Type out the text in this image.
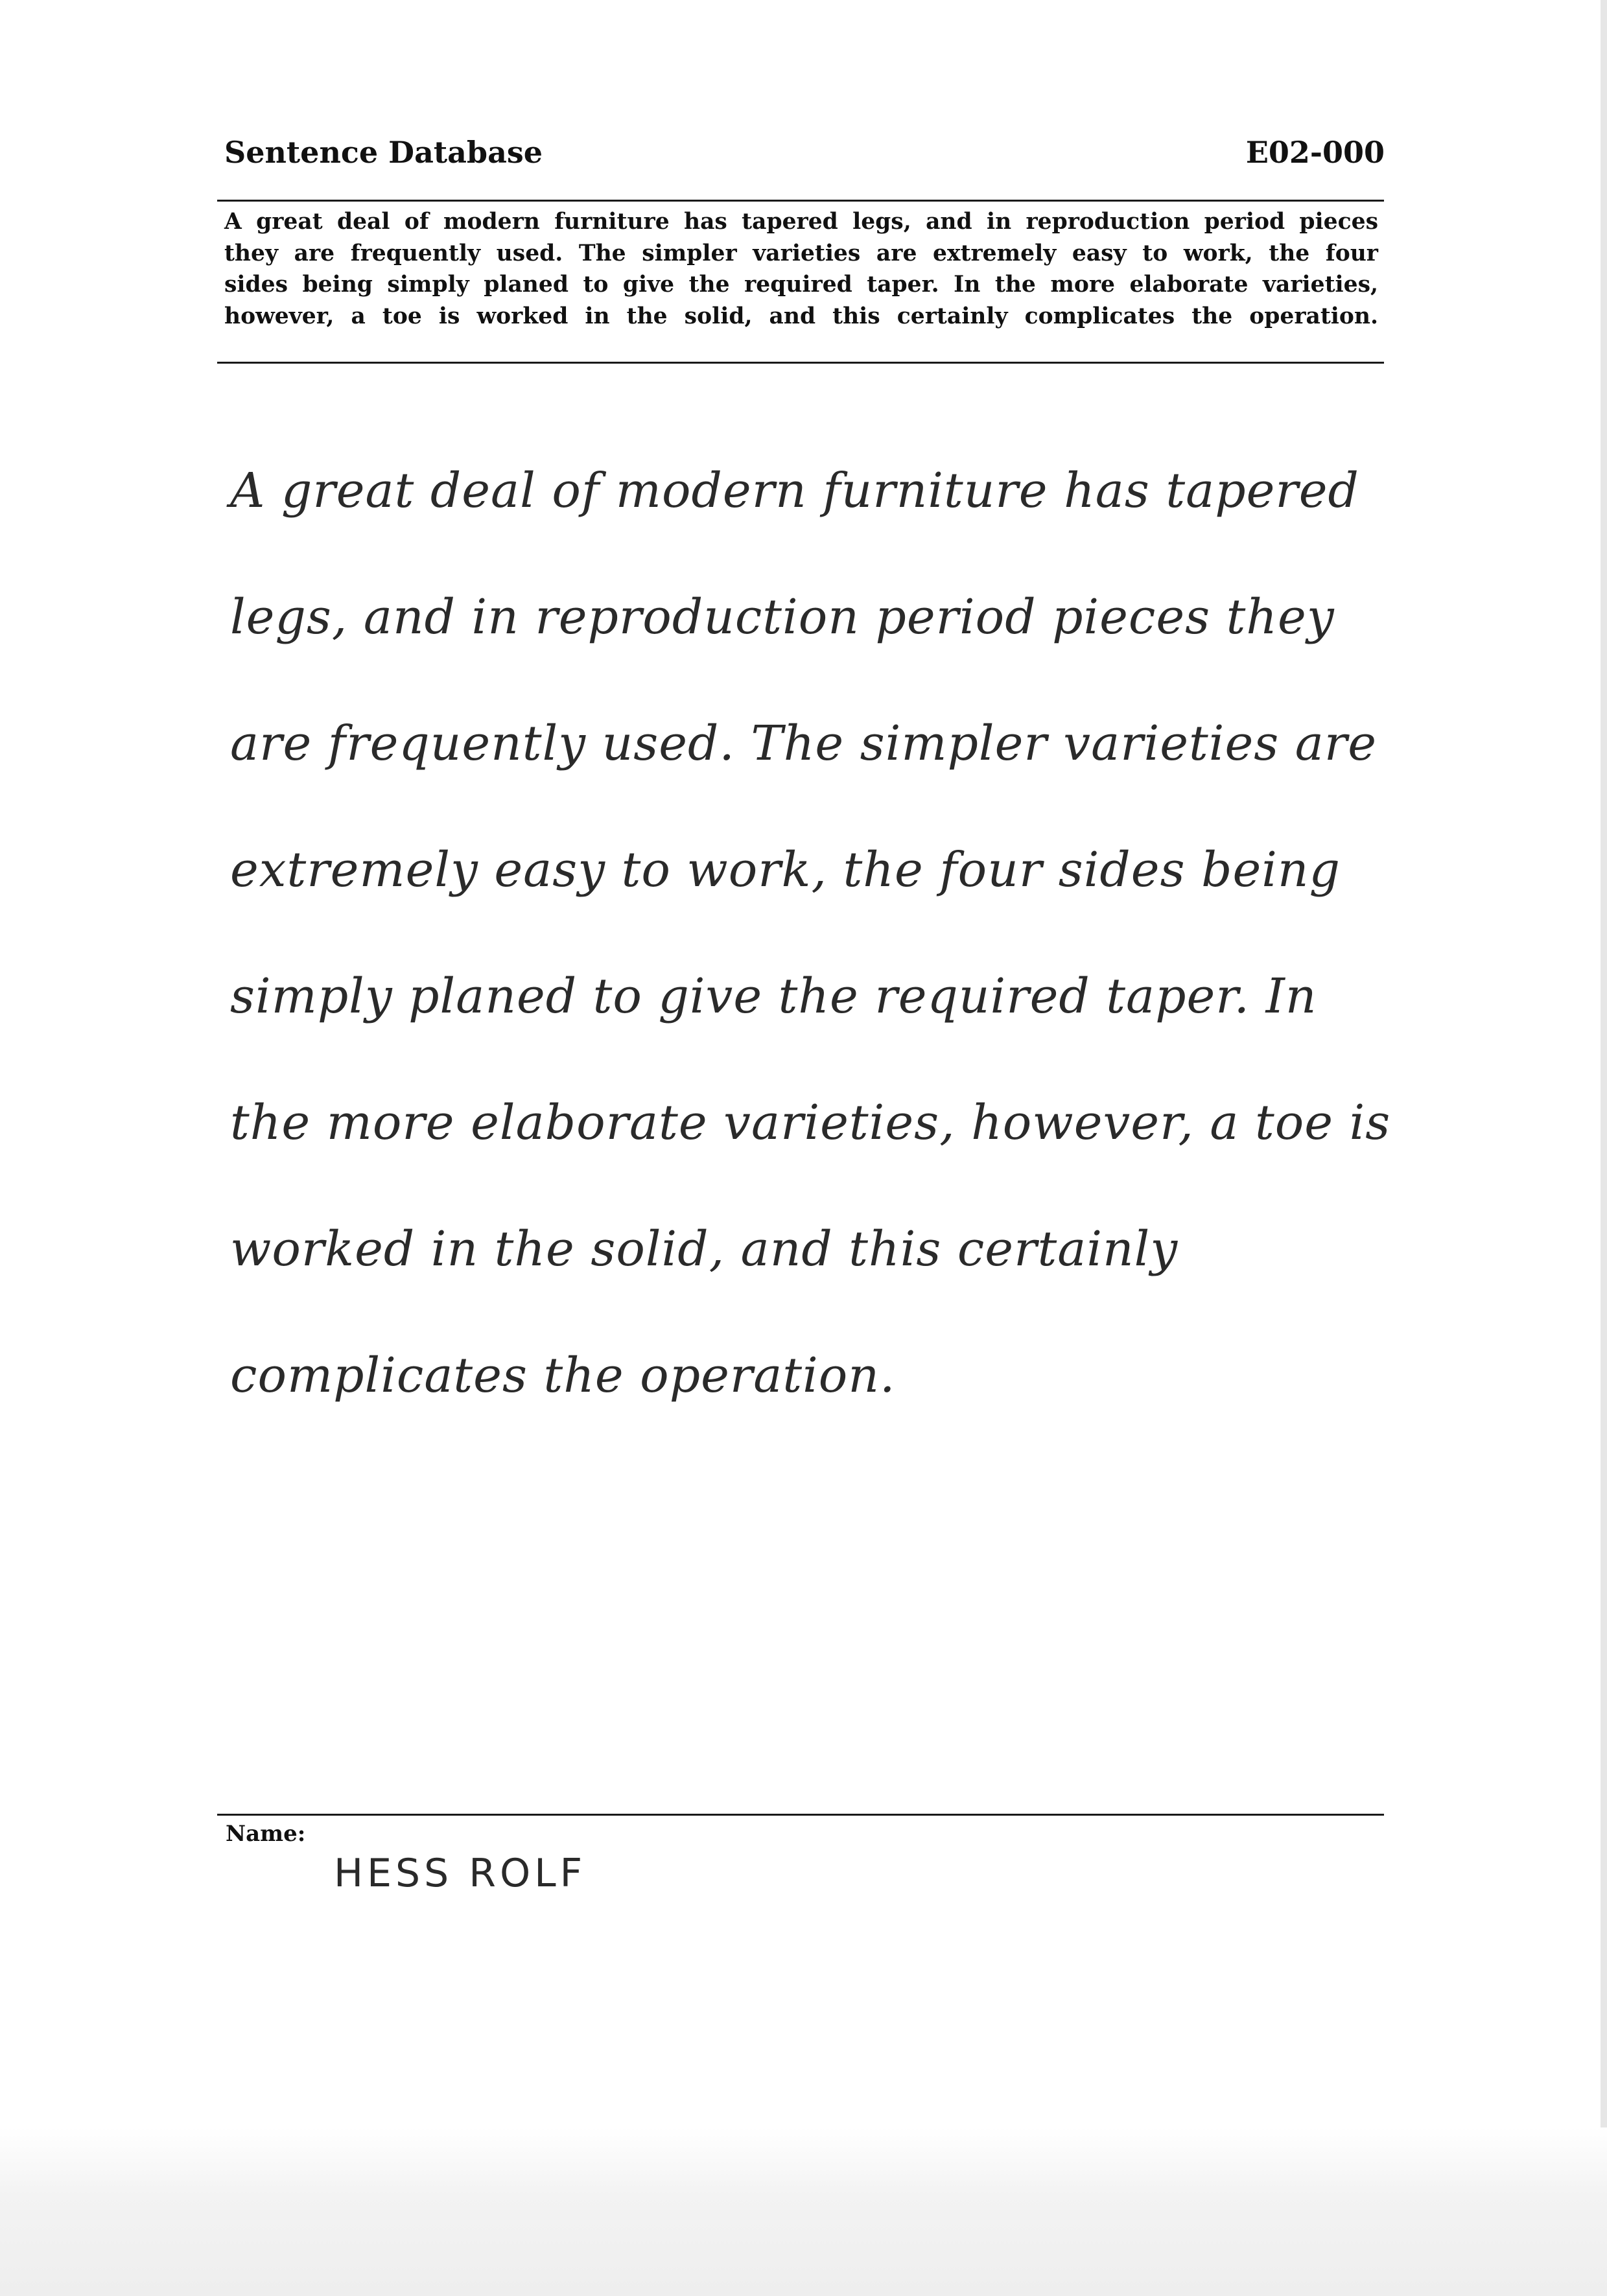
Sentence Database	E02-000
A great deal of modern furniture has tapered legs, and in reproduction period pieces
they are frequently used. The simpler varieties are extremely easy to work, the four
sides being simply planed to give the required taper. In the more elaborate varieties,
however, a toe is worked in the solid, and this certainly complicates the operation.
A great deal of modern furniture has tapered
legs, and in reproduction period pieces they
are frequently used. The simpler varieties are
extremely easy to work, the four sides being
simply planed to give the required taper. In
the more elaborate varieties, however, a toe is
worked in the solid, and this certainly
complicates the operation.
Name:
HESS ROLF
